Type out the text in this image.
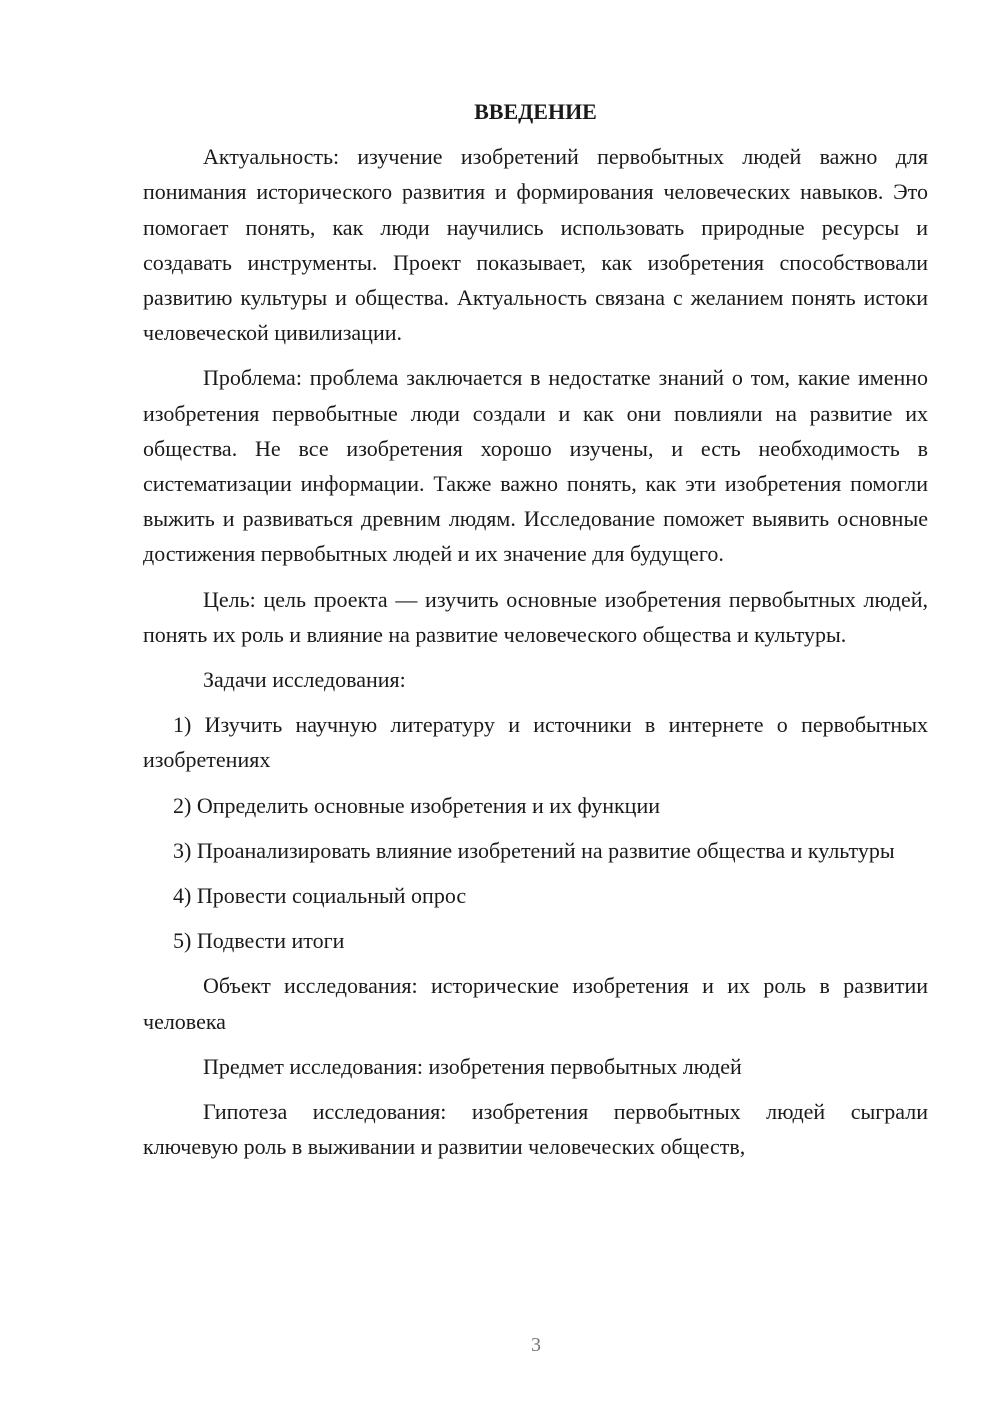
ВВЕДЕНИЕ

Актуальность: изучение изобретений первобытных людей важно для понимания исторического развития и формирования человеческих навыков. Это помогает понять, как люди научились использовать природные ресурсы и создавать инструменты. Проект показывает, как изобретения способствовали развитию культуры и общества. Актуальность связана с желанием понять истоки человеческой цивилизации.

Проблема: проблема заключается в недостатке знаний о том, какие именно изобретения первобытные люди создали и как они повлияли на развитие их общества. Не все изобретения хорошо изучены, и есть необходимость в систематизации информации. Также важно понять, как эти изобретения помогли выжить и развиваться древним людям. Исследование поможет выявить основные достижения первобытных людей и их значение для будущего.

Цель: цель проекта — изучить основные изобретения первобытных людей, понять их роль и влияние на развитие человеческого общества и культуры.

Задачи исследования:

1) Изучить научную литературу и источники в интернете о первобытных изобретениях

2) Определить основные изобретения и их функции

3) Проанализировать влияние изобретений на развитие общества и культуры

4) Провести социальный опрос

5) Подвести итоги

Объект исследования: исторические изобретения и их роль в развитии человека

Предмет исследования: изобретения первобытных людей

Гипотеза исследования: изобретения первобытных людей сыграли ключевую роль в выживании и развитии человеческих обществ,

3
